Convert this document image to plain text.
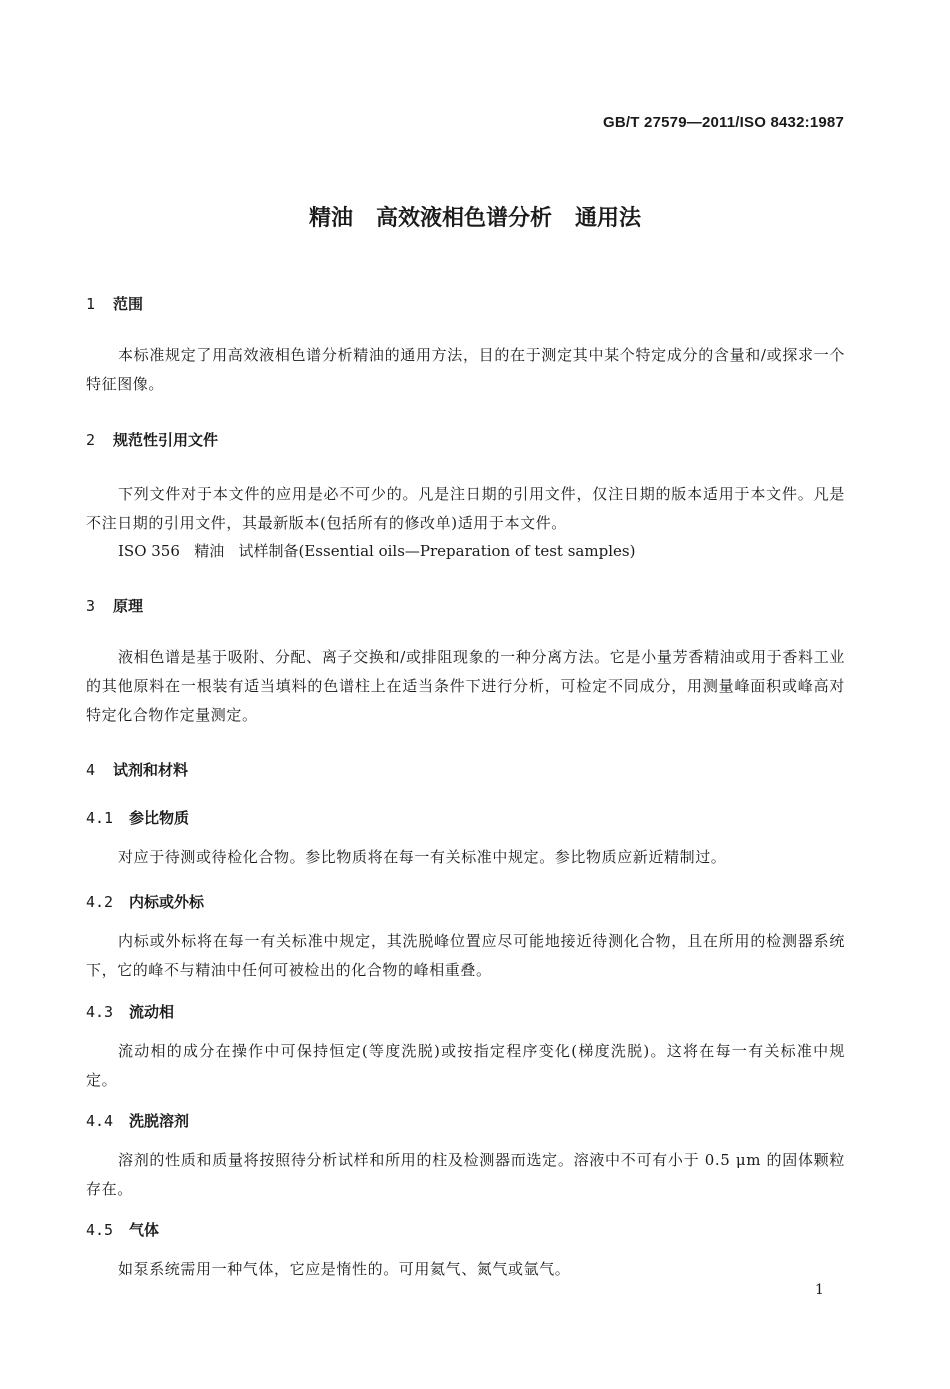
GB/T 27579—2011/ISO 8432:1987
精油   高效液相色谱分析   通用法
1 范围
本标准规定了用高效液相色谱分析精油的通用方法，目的在于测定其中某个特定成分的含量和/或探求一个特征图像。
2 规范性引用文件
下列文件对于本文件的应用是必不可少的。凡是注日期的引用文件，仅注日期的版本适用于本文件。凡是不注日期的引用文件，其最新版本(包括所有的修改单)适用于本文件。
ISO 356   精油   试样制备(Essential oils—Preparation of test samples)
3 原理
液相色谱是基于吸附、分配、离子交换和/或排阻现象的一种分离方法。它是小量芳香精油或用于香料工业的其他原料在一根装有适当填料的色谱柱上在适当条件下进行分析，可检定不同成分，用测量峰面积或峰高对特定化合物作定量测定。
4 试剂和材料
4.1 参比物质
对应于待测或待检化合物。参比物质将在每一有关标准中规定。参比物质应新近精制过。
4.2 内标或外标
内标或外标将在每一有关标准中规定，其洗脱峰位置应尽可能地接近待测化合物，且在所用的检测器系统下，它的峰不与精油中任何可被检出的化合物的峰相重叠。
4.3 流动相
流动相的成分在操作中可保持恒定(等度洗脱)或按指定程序变化(梯度洗脱)。这将在每一有关标准中规定。
4.4 洗脱溶剂
溶剂的性质和质量将按照待分析试样和所用的柱及检测器而选定。溶液中不可有小于 0.5 μm 的固体颗粒存在。
4.5 气体
如泵系统需用一种气体，它应是惰性的。可用氦气、氮气或氩气。
1
